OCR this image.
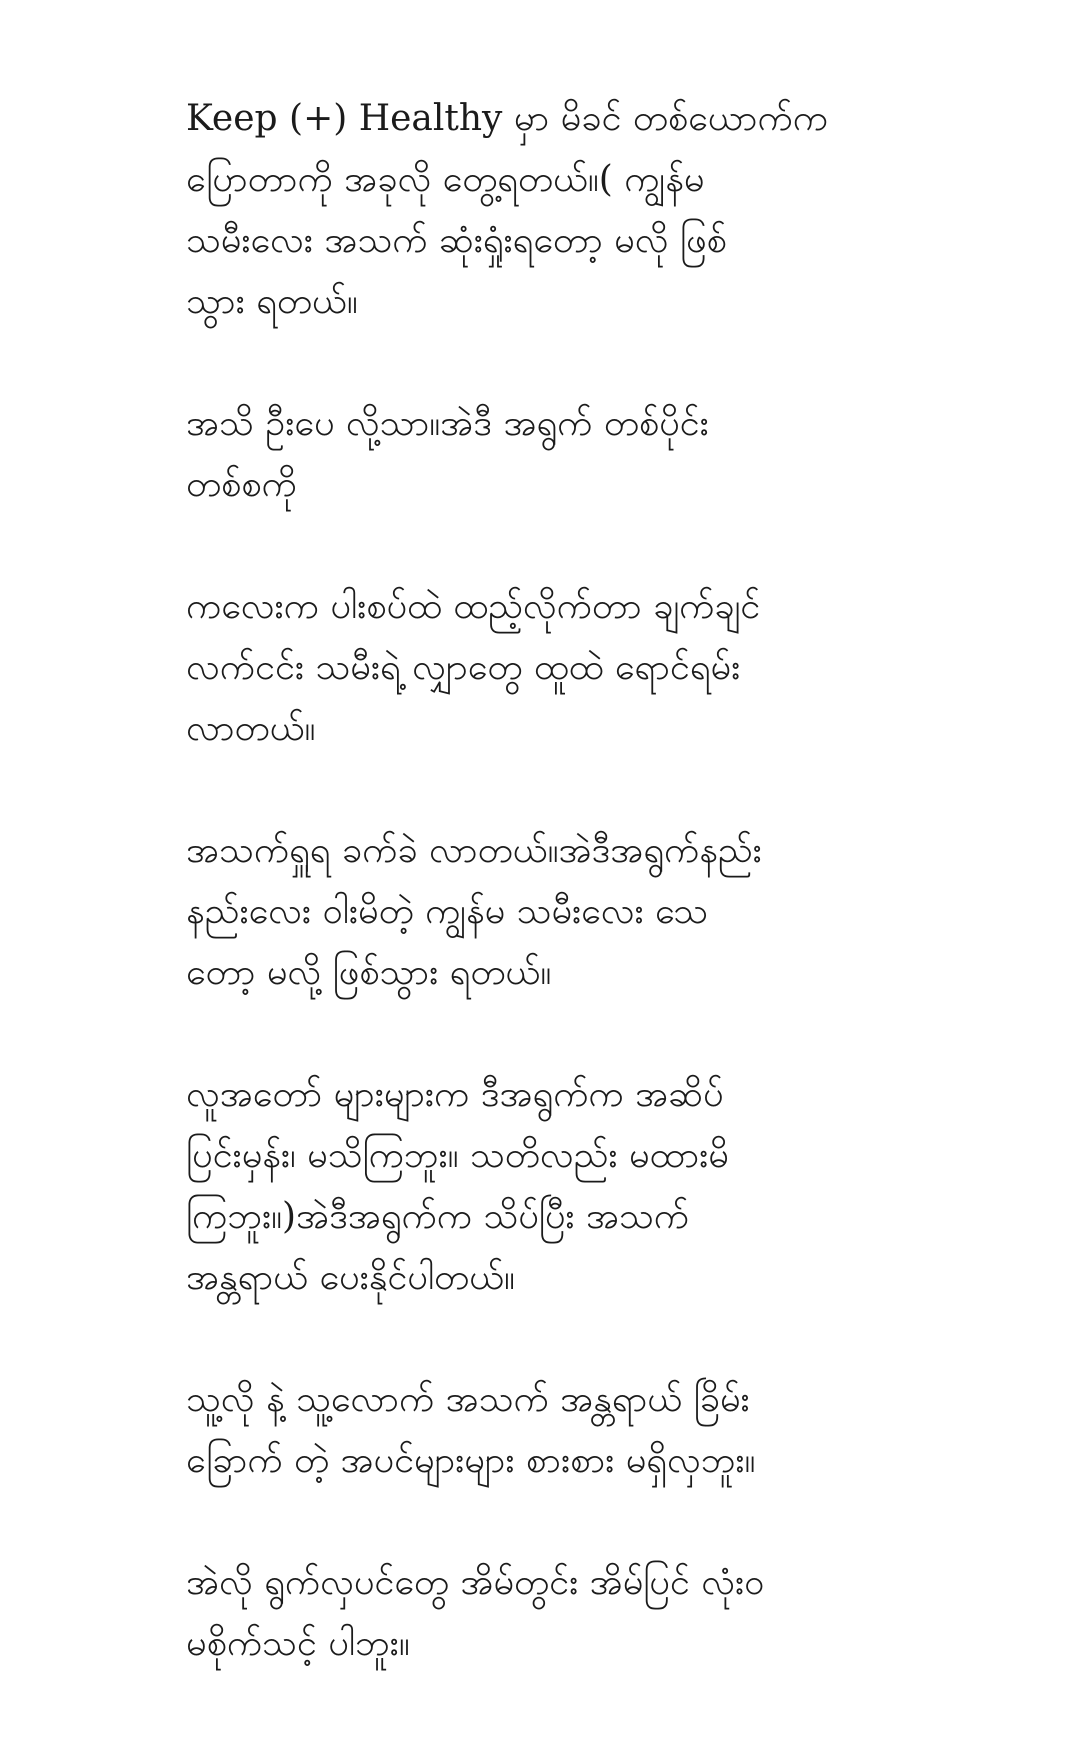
Keep (+) Healthy မှာ မိခင် တစ်ယောက်က
ပြောတာကို အခုလို တွေ့ရတယ်။( ကျွန်မ
သမီးလေး အသက် ဆုံးရှုံးရတော့ မလို ဖြစ်
သွား ရတယ်။

အသိ ဦးပေ လို့သာ။အဲဒီ အရွက် တစ်ပိုင်း
တစ်စကို

ကလေးက ပါးစပ်ထဲ ထည့်လိုက်တာ ချက်ချင်
လက်ငင်း သမီးရဲ့ လျှာတွေ ထူထဲ ရောင်ရမ်း
လာတယ်။

အသက်ရှူရ ခက်ခဲ လာတယ်။အဲဒီအရွက်နည်း
နည်းလေး ဝါးမိတဲ့ ကျွန်မ သမီးလေး သေ
တော့ မလို့ ဖြစ်သွား ရတယ်။

လူအတော် များများက ဒီအရွက်က အဆိပ်
ပြင်းမှန်း၊ မသိကြဘူး။ သတိလည်း မထားမိ
ကြဘူး။)အဲဒီအရွက်က သိပ်ပြီး အသက်
အန္တရာယ် ပေးနိုင်ပါတယ်။

သူ့လို နဲ့ သူ့လောက် အသက် အန္တရာယ် ခြိမ်း
ခြောက် တဲ့ အပင်များများ စားစား မရှိလှဘူး။

အဲလို ရွက်လှပင်တွေ အိမ်တွင်း အိမ်ပြင် လုံးဝ
မစိုက်သင့် ပါဘူး။
